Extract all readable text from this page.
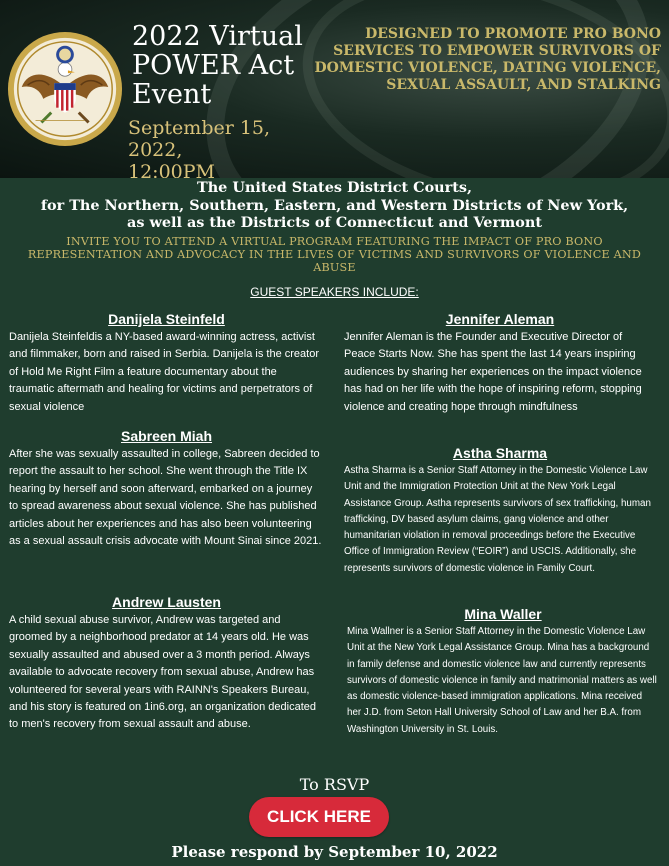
2022 Virtual
POWER Act
Event
September 15, 2022,
12:00PM
DESIGNED TO PROMOTE PRO BONO SERVICES TO EMPOWER SURVIVORS OF DOMESTIC VIOLENCE, DATING VIOLENCE, SEXUAL ASSAULT, AND STALKING
The United States District Courts,
for The Northern, Southern, Eastern, and Western Districts of New York,
as well as the Districts of Connecticut and Vermont
INVITE YOU TO ATTEND A VIRTUAL PROGRAM FEATURING THE IMPACT OF PRO BONO REPRESENTATION AND ADVOCACY IN THE LIVES OF VICTIMS AND SURVIVORS OF VIOLENCE AND ABUSE
GUEST SPEAKERS INCLUDE:
Danijela Steinfeld
Danijela Steinfeldis a NY-based award-winning actress, activist and filmmaker, born and raised in Serbia. Danijela is the creator of Hold Me Right Film a feature documentary about the traumatic aftermath and healing for victims and perpetrators of sexual violence
Sabreen Miah
After she was sexually assaulted in college, Sabreen decided to report the assault to her school. She went through the Title IX hearing by herself and soon afterward, embarked on a journey to spread awareness about sexual violence. She has published articles about her experiences and has also been volunteering as a sexual assault crisis advocate with Mount Sinai since 2021.
Andrew Lausten
A child sexual abuse survivor, Andrew was targeted and groomed by a neighborhood predator at 14 years old. He was sexually assaulted and abused over a 3 month period. Always available to advocate recovery from sexual abuse, Andrew has volunteered for several years with RAINN's Speakers Bureau, and his story is featured on 1in6.org, an organization dedicated to men's recovery from sexual assault and abuse.
Jennifer Aleman
Jennifer Aleman is the Founder and Executive Director of Peace Starts Now. She has spent the last 14 years inspiring audiences by sharing her experiences on the impact violence has had on her life with the hope of inspiring reform, stopping violence and creating hope through mindfulness
Astha Sharma
Astha Sharma is a Senior Staff Attorney in the Domestic Violence Law Unit and the Immigration Protection Unit at the New York Legal Assistance Group. Astha represents survivors of sex trafficking, human trafficking, DV based asylum claims, gang violence and other humanitarian violation in removal proceedings before the Executive Office of Immigration Review (“EOIR”) and USCIS. Additionally, she represents survivors of domestic violence in Family Court.
Mina Waller
Mina Wallner is a Senior Staff Attorney in the Domestic Violence Law Unit at the New York Legal Assistance Group. Mina has a background in family defense and domestic violence law and currently represents survivors of domestic violence in family and matrimonial matters as well as domestic violence-based immigration applications. Mina received her J.D. from Seton Hall University School of Law and her B.A. from Washington University in St. Louis.
To RSVP
CLICK HERE
Please respond by September 10, 2022
